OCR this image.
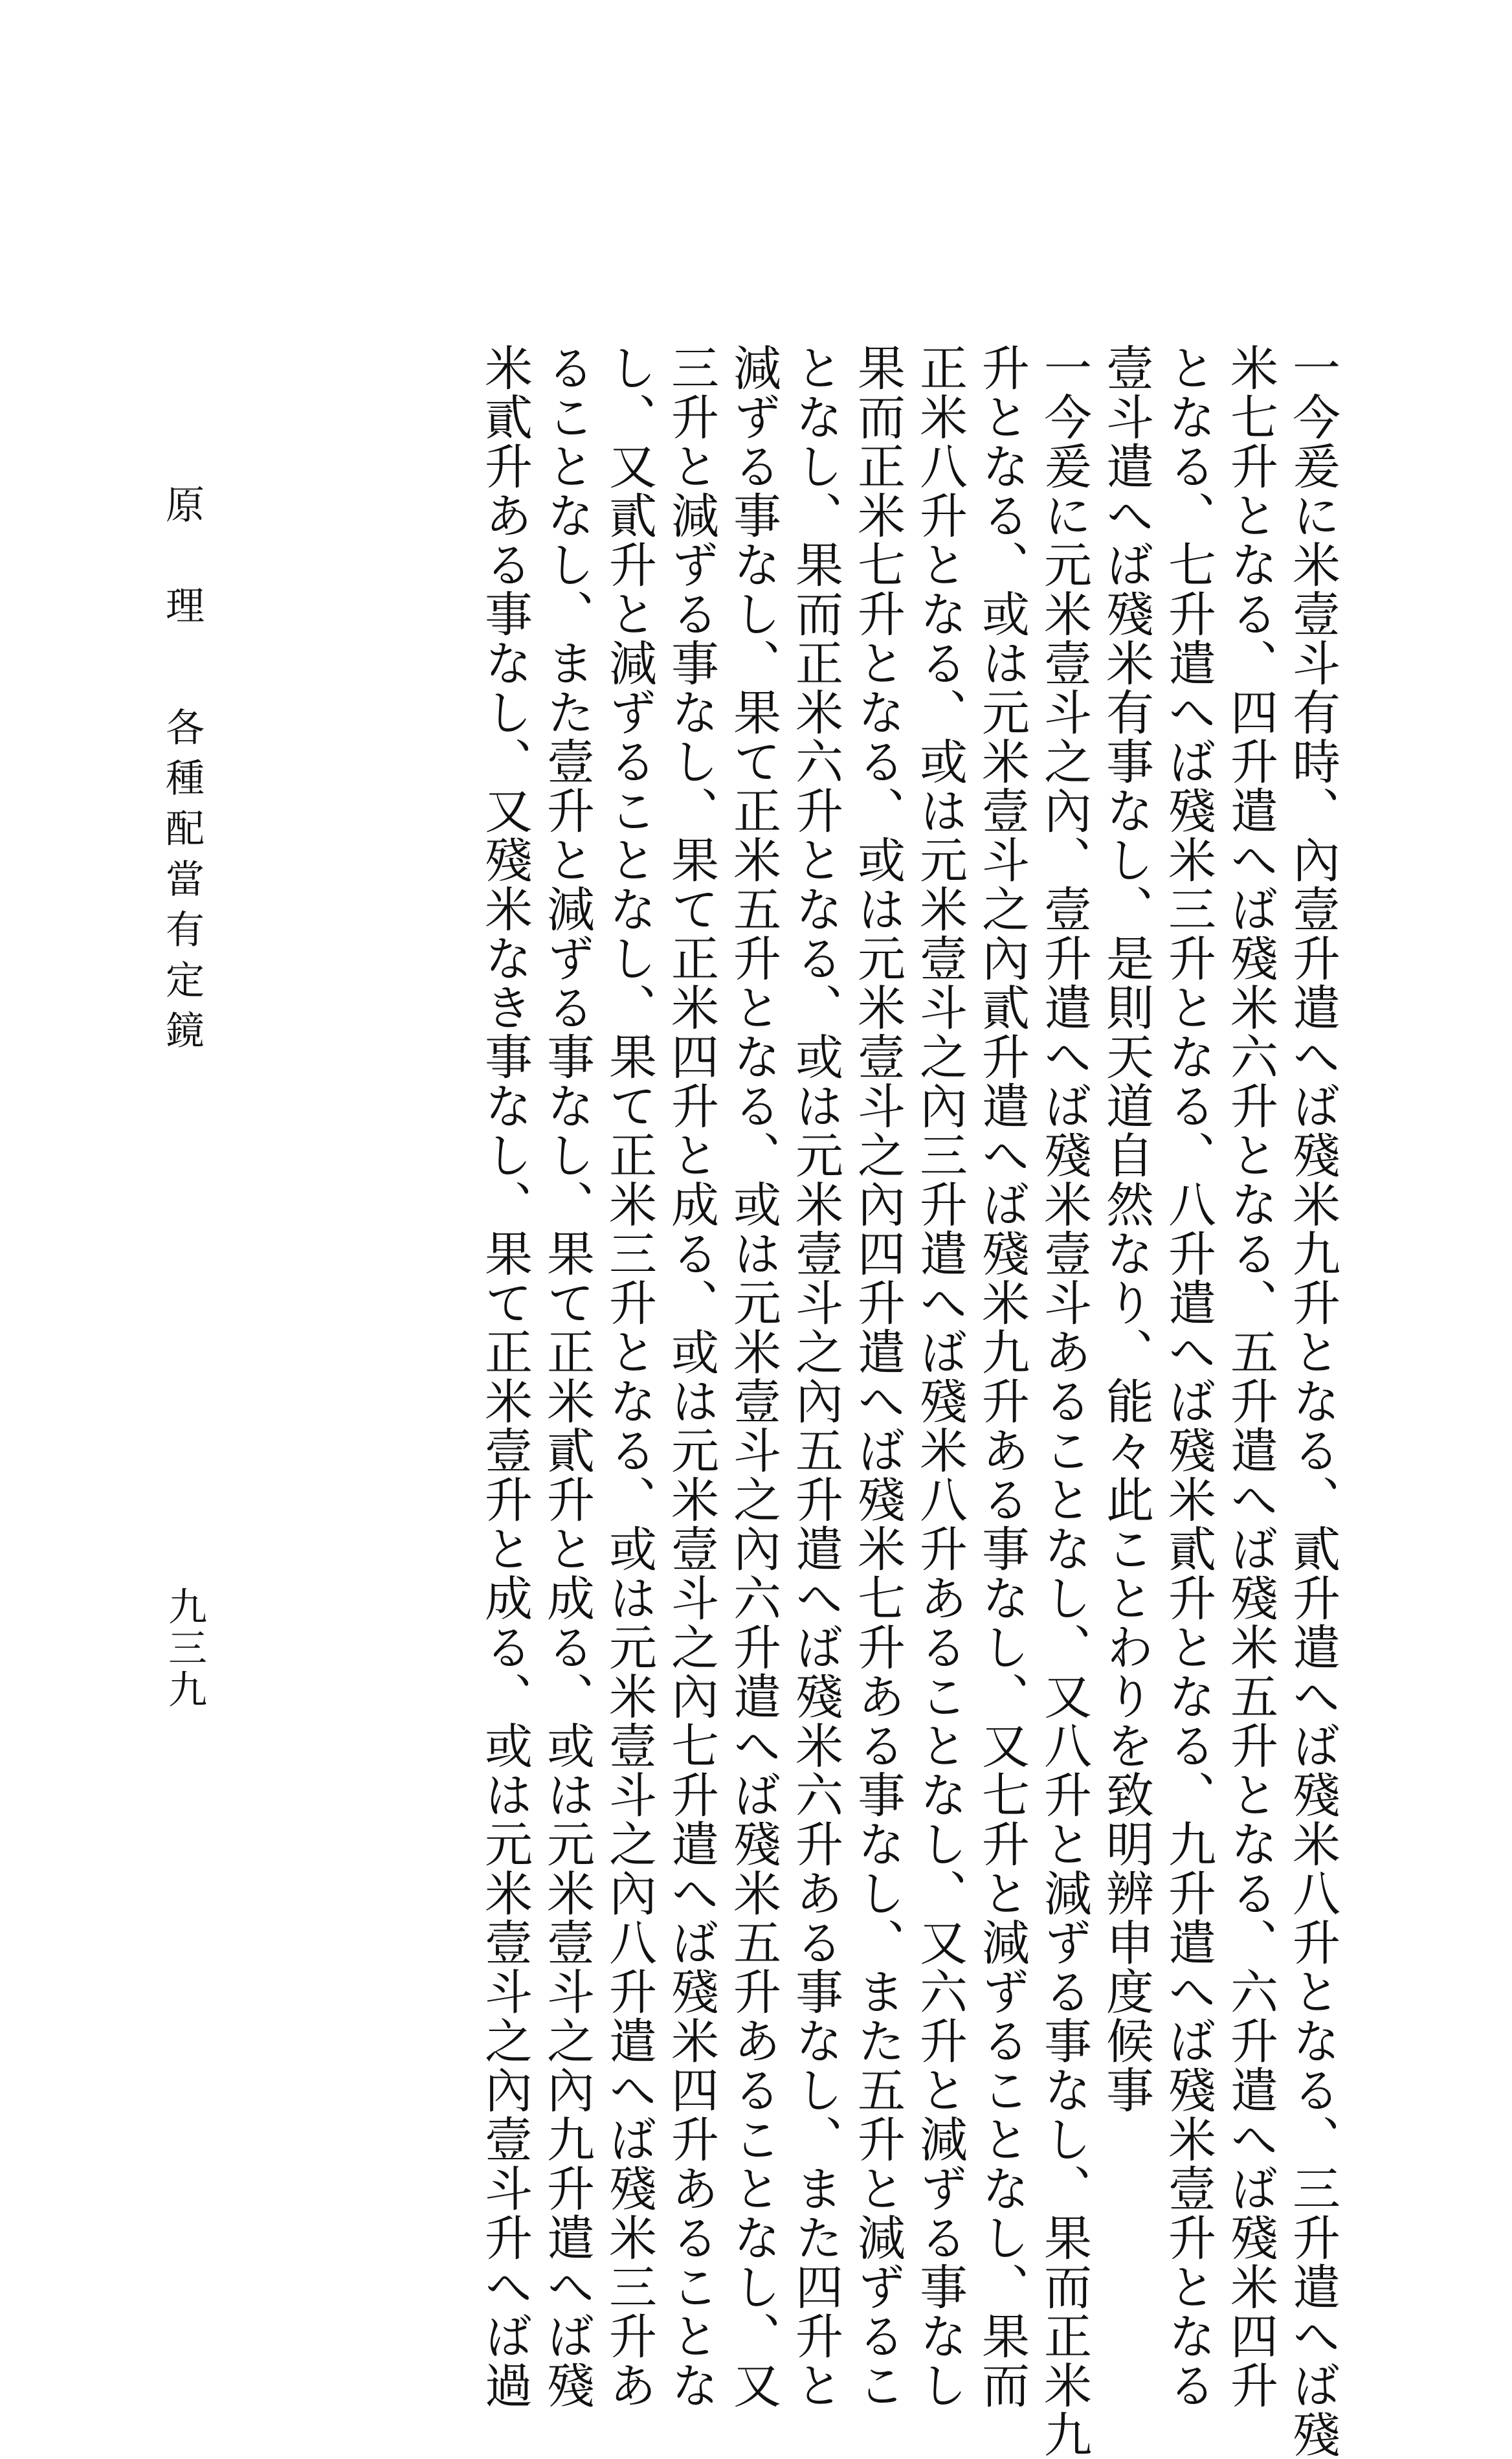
一今爰に米壹斗有時、內壹升遣へば殘米九升となる、貳升遣へば殘米八升となる、三升遣へば殘
米七升となる、四升遣へば殘米六升となる、五升遣へば殘米五升となる、六升遣へば殘米四升
となる、七升遣へば殘米三升となる、八升遣へば殘米貳升となる、九升遣へば殘米壹升となる
壹斗遣へば殘米有事なし、是則天道自然なり、能々此ことわりを致明辨申度候事
一今爰に元米壹斗之內、壹升遣へば殘米壹斗あることなし、又八升と減ずる事なし、果而正米九
升となる、或は元米壹斗之內貳升遣へば殘米九升ある事なし、又七升と減ずることなし、果而
正米八升となる、或は元米壹斗之內三升遣へば殘米八升あることなし、又六升と減ずる事なし
果而正米七升となる、或は元米壹斗之內四升遣へば殘米七升ある事なし、また五升と減ずるこ
となし、果而正米六升となる、或は元米壹斗之內五升遣へば殘米六升ある事なし、また四升と
減ずる事なし、果て正米五升となる、或は元米壹斗之內六升遣へば殘米五升あることなし、又
三升と減ずる事なし、果て正米四升と成る、或は元米壹斗之內七升遣へば殘米四升あることな
し、又貳升と減ずることなし、果て正米三升となる、或は元米壹斗之內八升遣へば殘米三升あ
ることなし、また壹升と減ずる事なし、果て正米貳升と成る、或は元米壹斗之內九升遣へば殘
米貳升ある事なし、又殘米なき事なし、果て正米壹升と成る、或は元米壹斗之內壹斗升へば過
原　理各種配當有定鏡
九三九
